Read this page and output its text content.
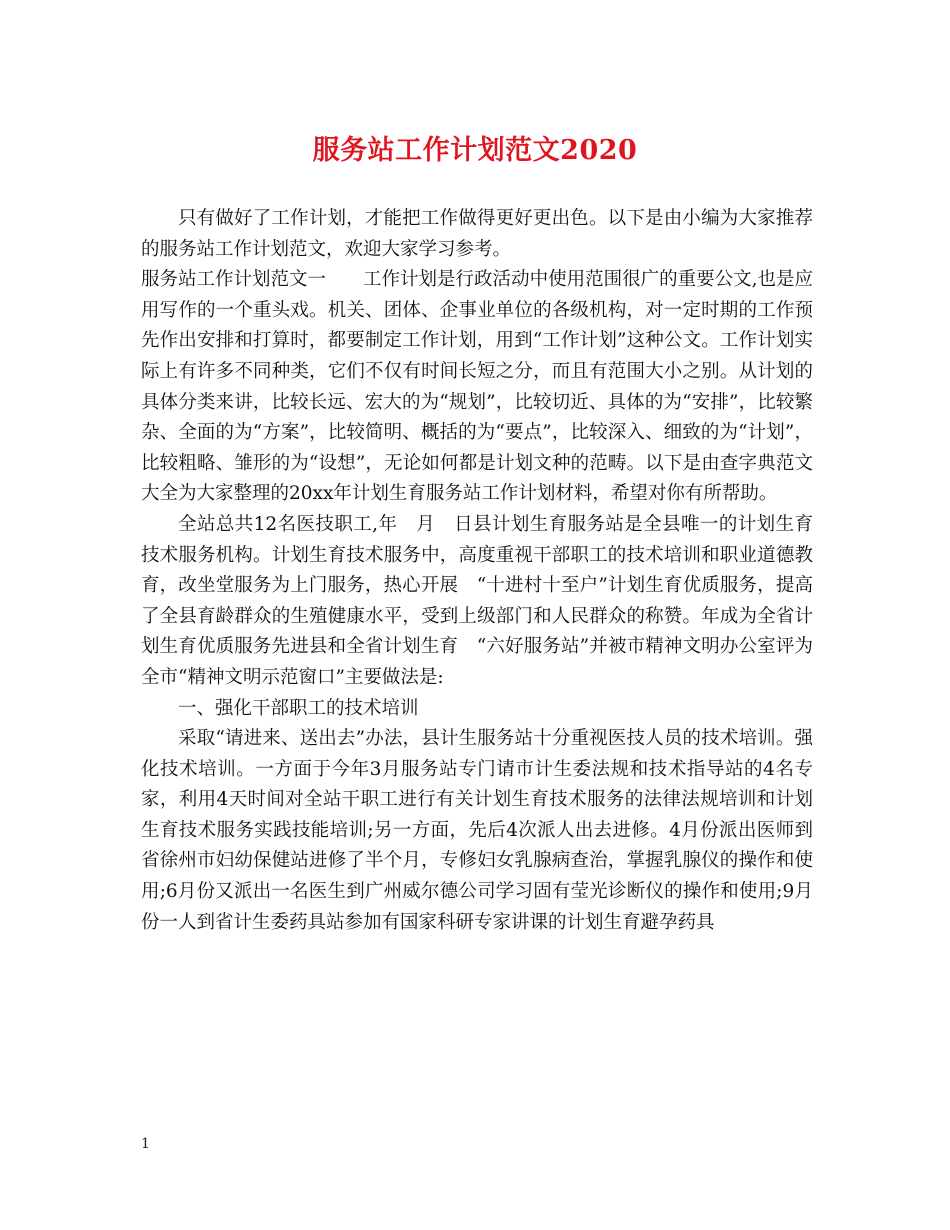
服务站工作计划范文2020

只有做好了工作计划，才能把工作做得更好更出色。以下是由小编为大家推荐的服务站工作计划范文，欢迎大家学习参考。

服务站工作计划范文一　　工作计划是行政活动中使用范围很广的重要公文,也是应用写作的一个重头戏。机关、团体、企事业单位的各级机构，对一定时期的工作预先作出安排和打算时，都要制定工作计划，用到“工作计划”这种公文。工作计划实际上有许多不同种类，它们不仅有时间长短之分，而且有范围大小之别。从计划的具体分类来讲，比较长远、宏大的为“规划”，比较切近、具体的为“安排”，比较繁杂、全面的为“方案”，比较简明、概括的为“要点”，比较深入、细致的为“计划”，比较粗略、雏形的为“设想”，无论如何都是计划文种的范畴。以下是由查字典范文大全为大家整理的20xx年计划生育服务站工作计划材料，希望对你有所帮助。

全站总共12名医技职工,年　月　日县计划生育服务站是全县唯一的计划生育技术服务机构。计划生育技术服务中，高度重视干部职工的技术培训和职业道德教育，改坐堂服务为上门服务，热心开展　“十进村十至户”计划生育优质服务，提高了全县育龄群众的生殖健康水平，受到上级部门和人民群众的称赞。年成为全省计划生育优质服务先进县和全省计划生育　“六好服务站”并被市精神文明办公室评为全市“精神文明示范窗口”主要做法是:

一、强化干部职工的技术培训

采取“请进来、送出去”办法，县计生服务站十分重视医技人员的技术培训。强化技术培训。一方面于今年3月服务站专门请市计生委法规和技术指导站的4名专家，利用4天时间对全站干职工进行有关计划生育技术服务的法律法规培训和计划生育技术服务实践技能培训;另一方面，先后4次派人出去进修。4月份派出医师到省徐州市妇幼保健站进修了半个月，专修妇女乳腺病查治，掌握乳腺仪的操作和使用;6月份又派出一名医生到广州威尔德公司学习固有莹光诊断仪的操作和使用;9月份一人到省计生委药具站参加有国家科研专家讲课的计划生育避孕药具

1
